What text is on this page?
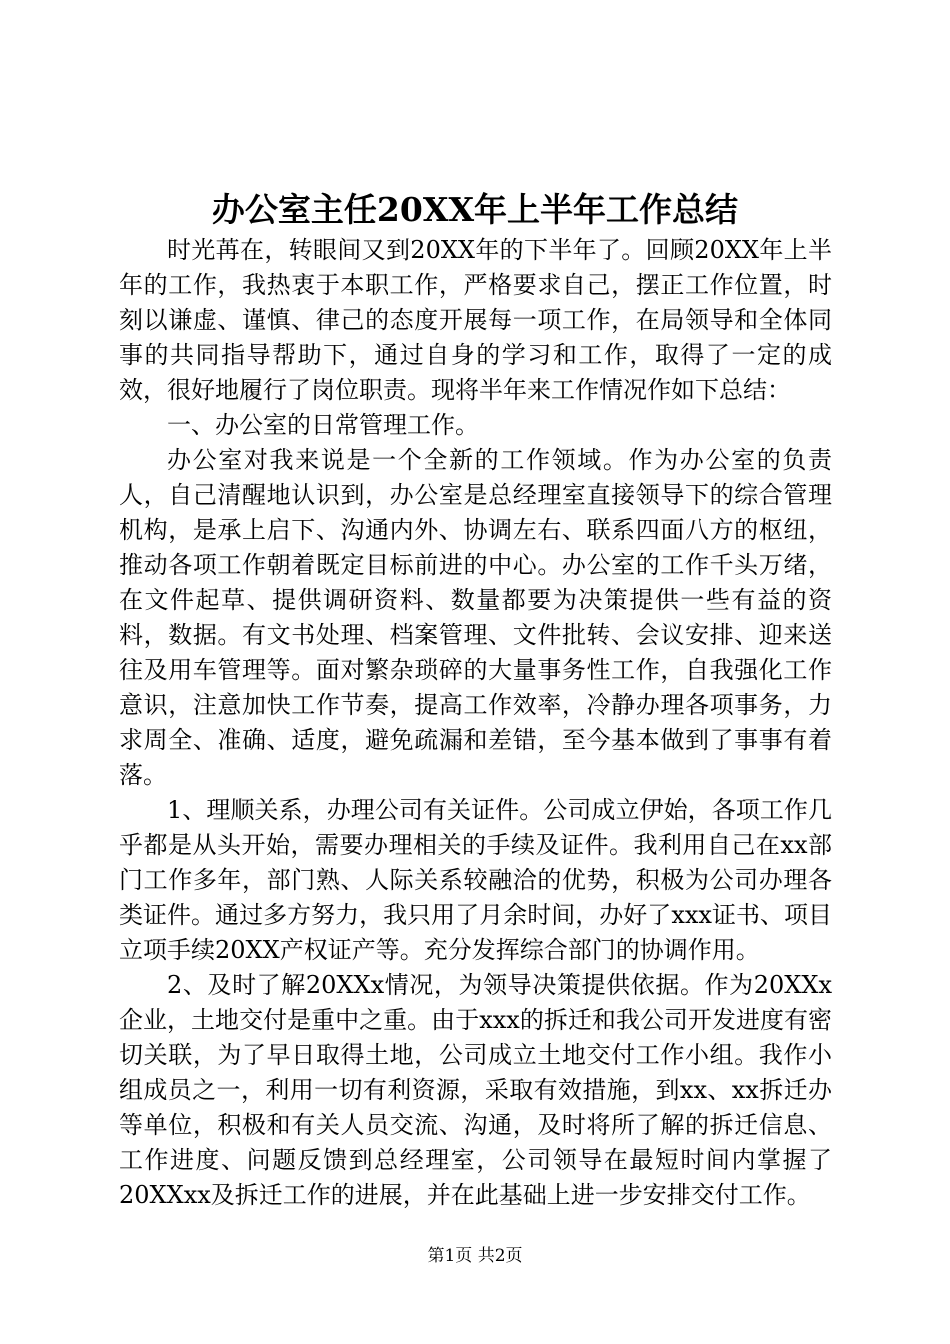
办公室主任20XX年上半年工作总结

时光苒在，转眼间又到20XX年的下半年了。回顾20XX年上半年的工作，我热衷于本职工作，严格要求自己，摆正工作位置，时刻以谦虚、谨慎、律己的态度开展每一项工作，在局领导和全体同事的共同指导帮助下，通过自身的学习和工作，取得了一定的成效，很好地履行了岗位职责。现将半年来工作情况作如下总结：

一、办公室的日常管理工作。

办公室对我来说是一个全新的工作领域。作为办公室的负责人，自己清醒地认识到，办公室是总经理室直接领导下的综合管理机构，是承上启下、沟通内外、协调左右、联系四面八方的枢纽，推动各项工作朝着既定目标前进的中心。办公室的工作千头万绪，在文件起草、提供调研资料、数量都要为决策提供一些有益的资料，数据。有文书处理、档案管理、文件批转、会议安排、迎来送往及用车管理等。面对繁杂琐碎的大量事务性工作，自我强化工作意识，注意加快工作节奏，提高工作效率，冷静办理各项事务，力求周全、准确、适度，避免疏漏和差错，至今基本做到了事事有着落。

1、理顺关系，办理公司有关证件。公司成立伊始，各项工作几乎都是从头开始，需要办理相关的手续及证件。我利用自己在xx部门工作多年，部门熟、人际关系较融洽的优势，积极为公司办理各类证件。通过多方努力，我只用了月余时间，办好了xxx证书、项目立项手续20XX产权证产等。充分发挥综合部门的协调作用。

2、及时了解20XXx情况，为领导决策提供依据。作为20XXx企业，土地交付是重中之重。由于xxx的拆迁和我公司开发进度有密切关联，为了早日取得土地，公司成立土地交付工作小组。我作小组成员之一，利用一切有利资源，采取有效措施，到xx、xx拆迁办等单位，积极和有关人员交流、沟通，及时将所了解的拆迁信息、工作进度、问题反馈到总经理室，公司领导在最短时间内掌握了20XXxx及拆迁工作的进展，并在此基础上进一步安排交付工作。

第1页 共2页
